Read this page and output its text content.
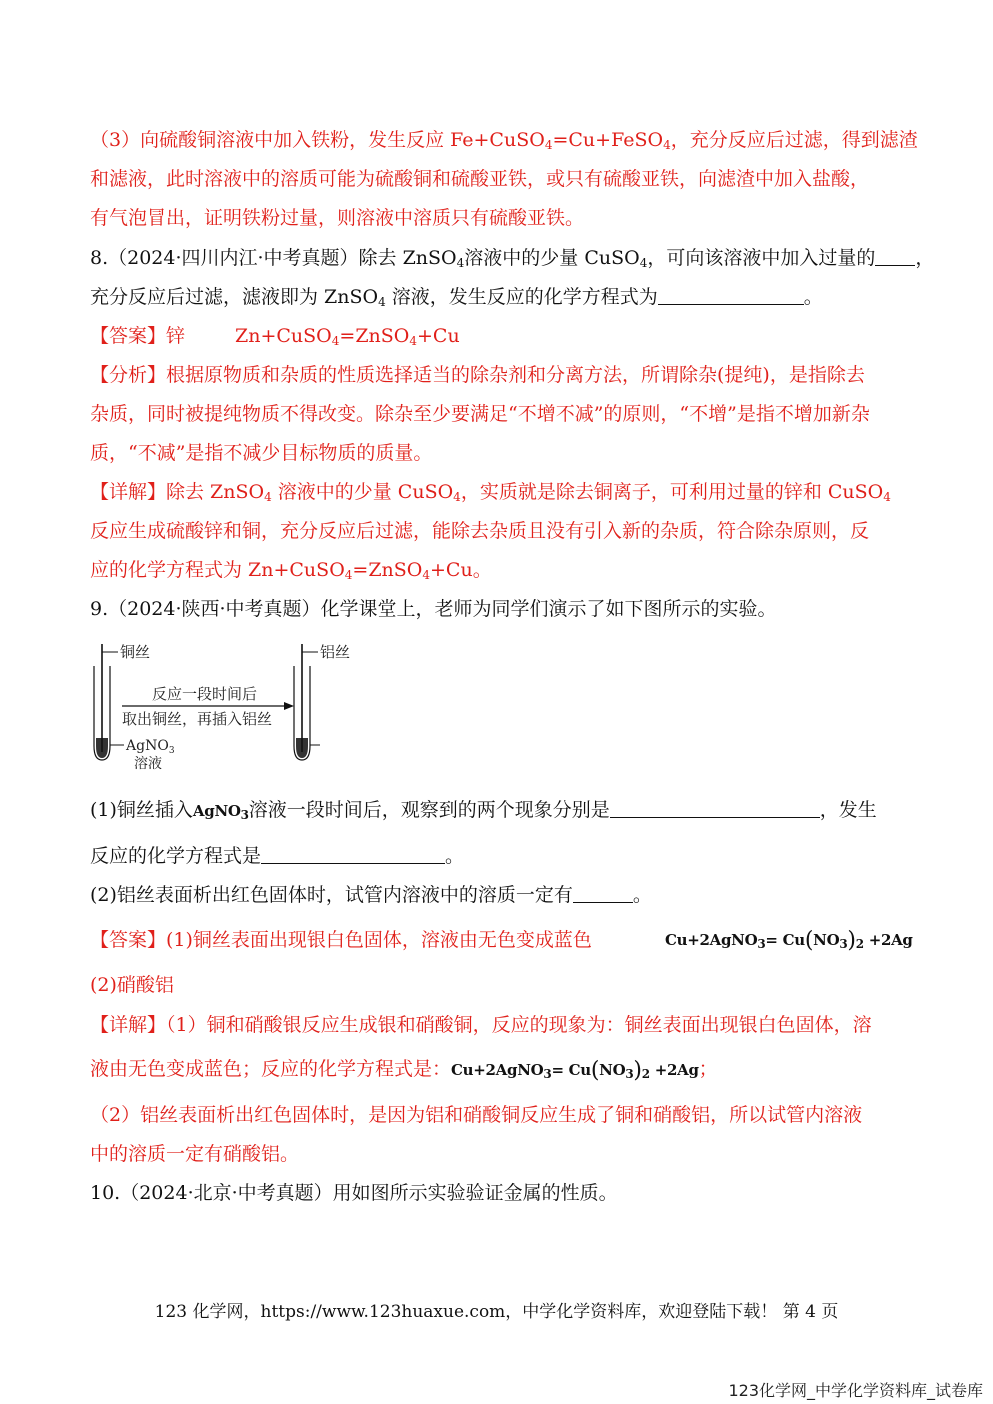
（3）向硫酸铜溶液中加入铁粉，发生反应 Fe+CuSO$_4$=Cu+FeSO$_4$，充分反应后过滤，得到滤渣
和滤液，此时溶液中的溶质可能为硫酸铜和硫酸亚铁，或只有硫酸亚铁，向滤渣中加入盐酸，
有气泡冒出，证明铁粉过量，则溶液中溶质只有硫酸亚铁。
8.（2024·四川内江·中考真题）除去 ZnSO$_4$溶液中的少量 CuSO$_4$，可向该溶液中加入过量的 ，
充分反应后过滤，滤液即为 ZnSO$_4$ 溶液，发生反应的化学方程式为	。
【答案】锌	Zn+CuSO$_4$=ZnSO$_4$+Cu
【分析】根据原物质和杂质的性质选择适当的除杂剂和分离方法，所谓除杂(提纯)，是指除去
杂质，同时被提纯物质不得改变。除杂至少要满足“不增不减”的原则，“不增”是指不增加新杂
质，“不减”是指不减少目标物质的质量。
【详解】除去 ZnSO$_4$ 溶液中的少量 CuSO$_4$，实质就是除去铜离子，可利用过量的锌和 CuSO$_4$
反应生成硫酸锌和铜，充分反应后过滤，能除去杂质且没有引入新的杂质，符合除杂原则，反
应的化学方程式为 Zn+CuSO$_4$=ZnSO$_4$+Cu。
9.（2024·陕西·中考真题）化学课堂上，老师为同学们演示了如下图所示的实验。
铜丝
AgNO$_3$
溶液
反应一段时间后
取出铜丝，再插入铝丝
铝丝
(1)铜丝插入AgNO$_3$溶液一段时间后，观察到的两个现象分别是	，发生
反应的化学方程式是	。
(2)铝丝表面析出红色固体时，试管内溶液中的溶质一定有	。
【答案】(1)铜丝表面出现银白色固体，溶液由无色变成蓝色	Cu+2AgNO$_3$= $Cu(NO_3)_2 +2Ag$
(2)硝酸铝
【详解】（1）铜和硝酸银反应生成银和硝酸铜，反应的现象为：铜丝表面出现银白色固体，溶
液由无色变成蓝色；反应的化学方程式是：Cu+2AgNO$_3$= $Cu(NO_3)_2 +2Ag$；
（2）铝丝表面析出红色固体时，是因为铝和硝酸铜反应生成了铜和硝酸铝，所以试管内溶液
中的溶质一定有硝酸铝。
10.（2024·北京·中考真题）用如图所示实验验证金属的性质。
123 化学网，https://www.123huaxue.com，中学化学资料库，欢迎登陆下载！ 第 4 页
123化学网_中学化学资料库_试卷库
